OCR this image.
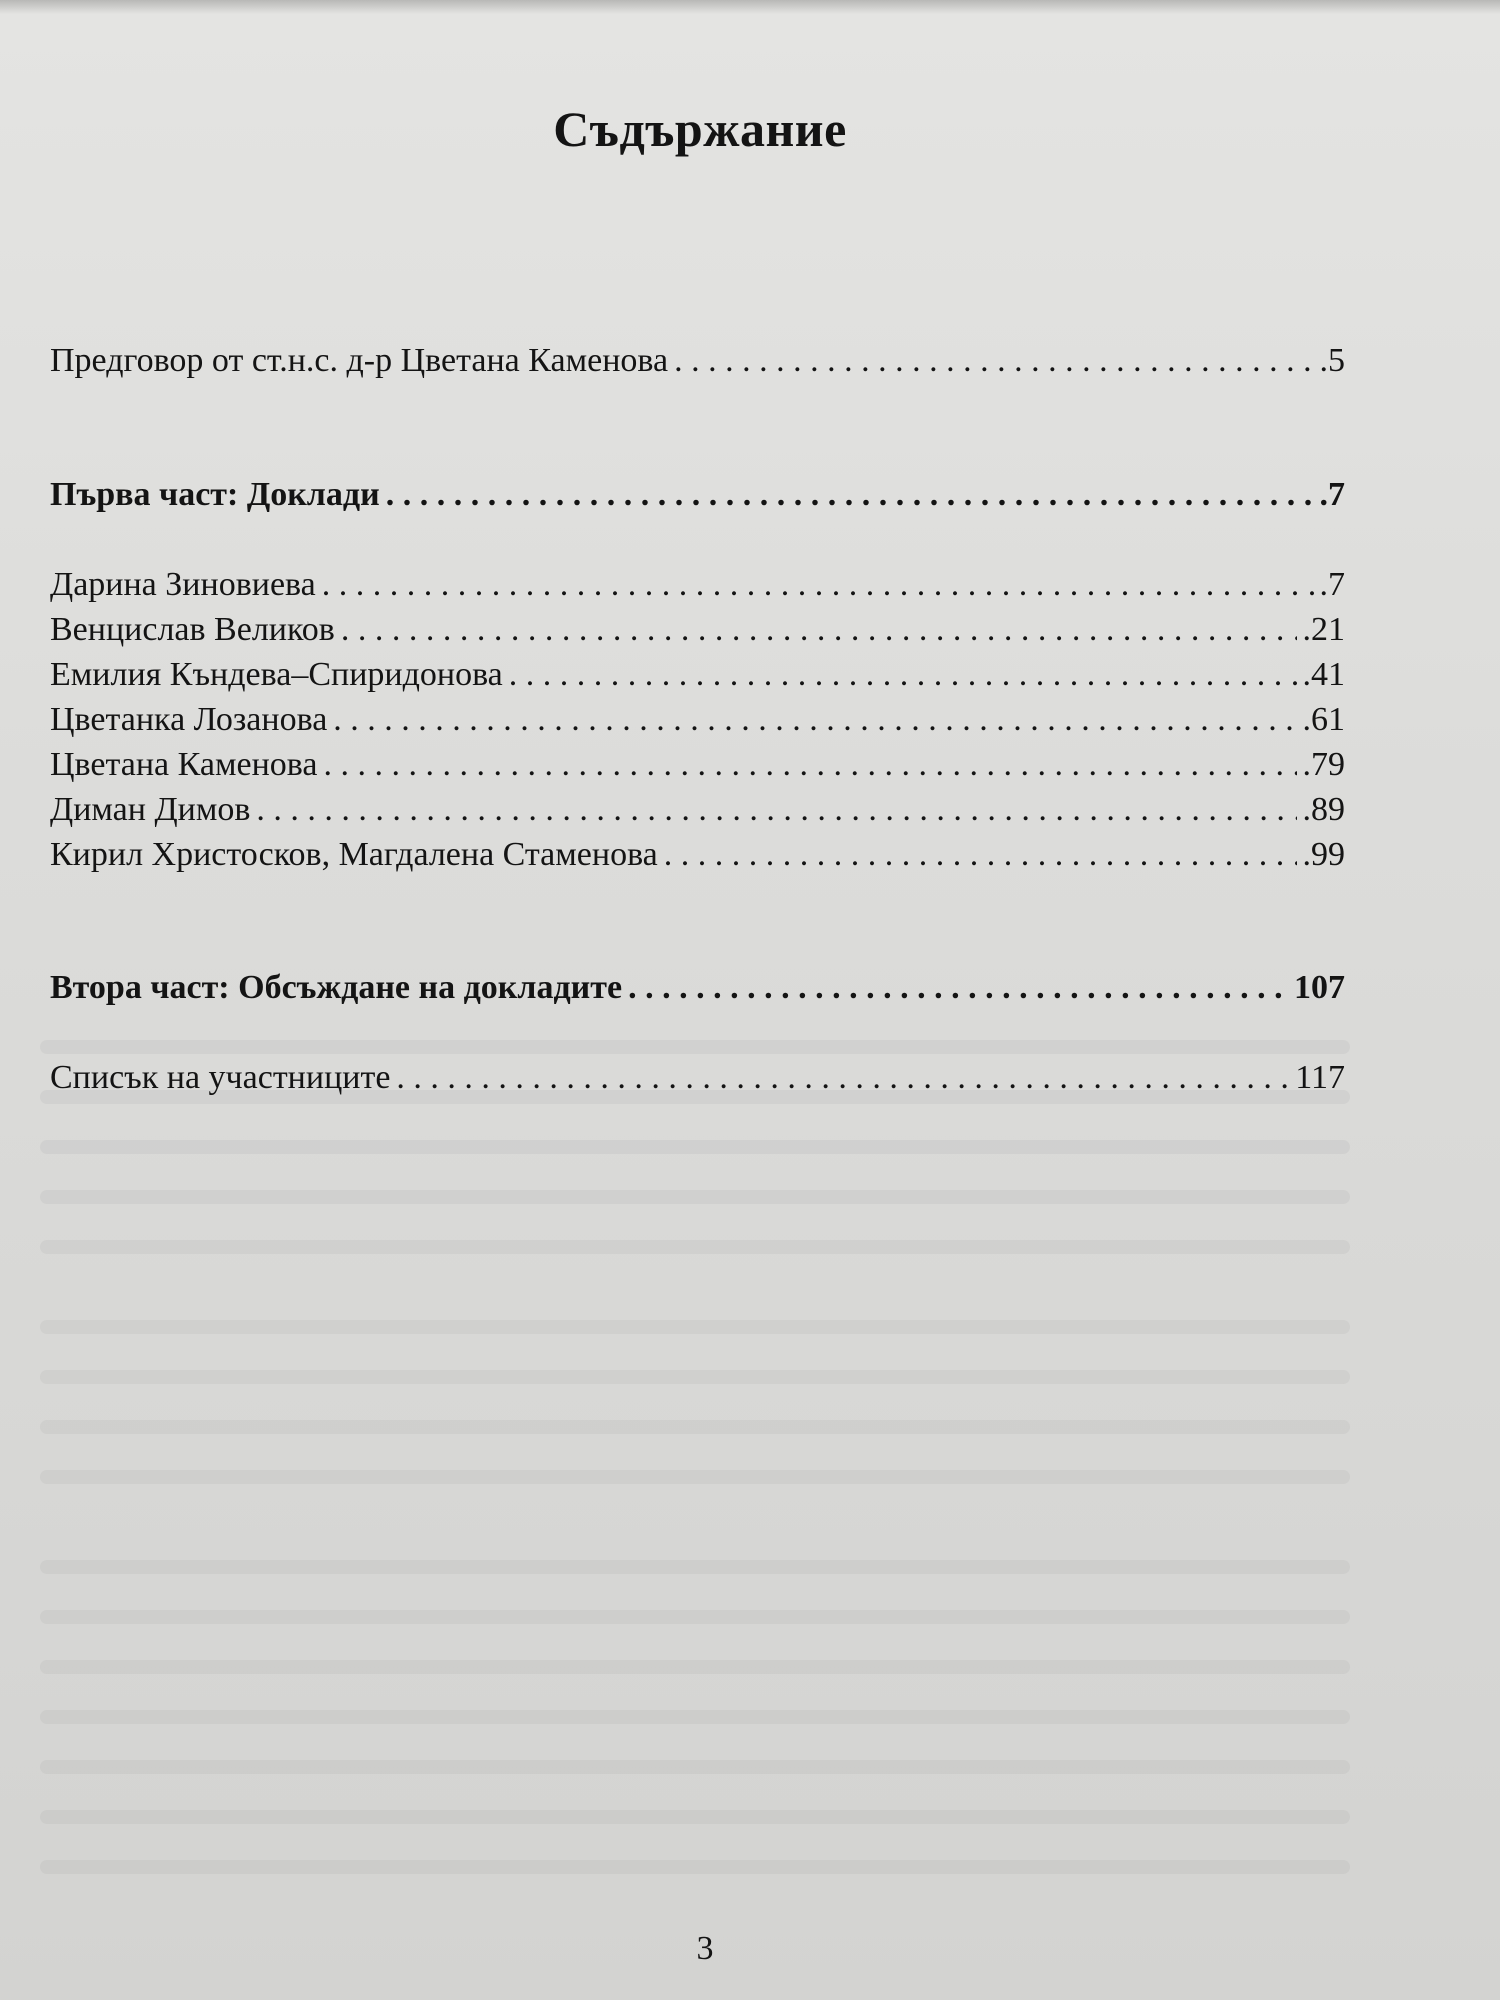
Съдържание
Предговор от ст.н.с. д-р Цветана Каменова . . .	.5
Първа част: Доклади . . .	.7
Дарина Зиновиева . . .	.7
Венцислав Великов . . .	.21
Емилия Къндева–Спиридонова . . .	.41
Цветанка Лозанова . . .	.61
Цветана Каменова . . .	.79
Диман Димов . . .	.89
Кирил Христосков, Магдалена Стаменова . . .	.99
Втора част: Обсъждане на докладите . . .	107
Списък на участниците . . .	117
3
